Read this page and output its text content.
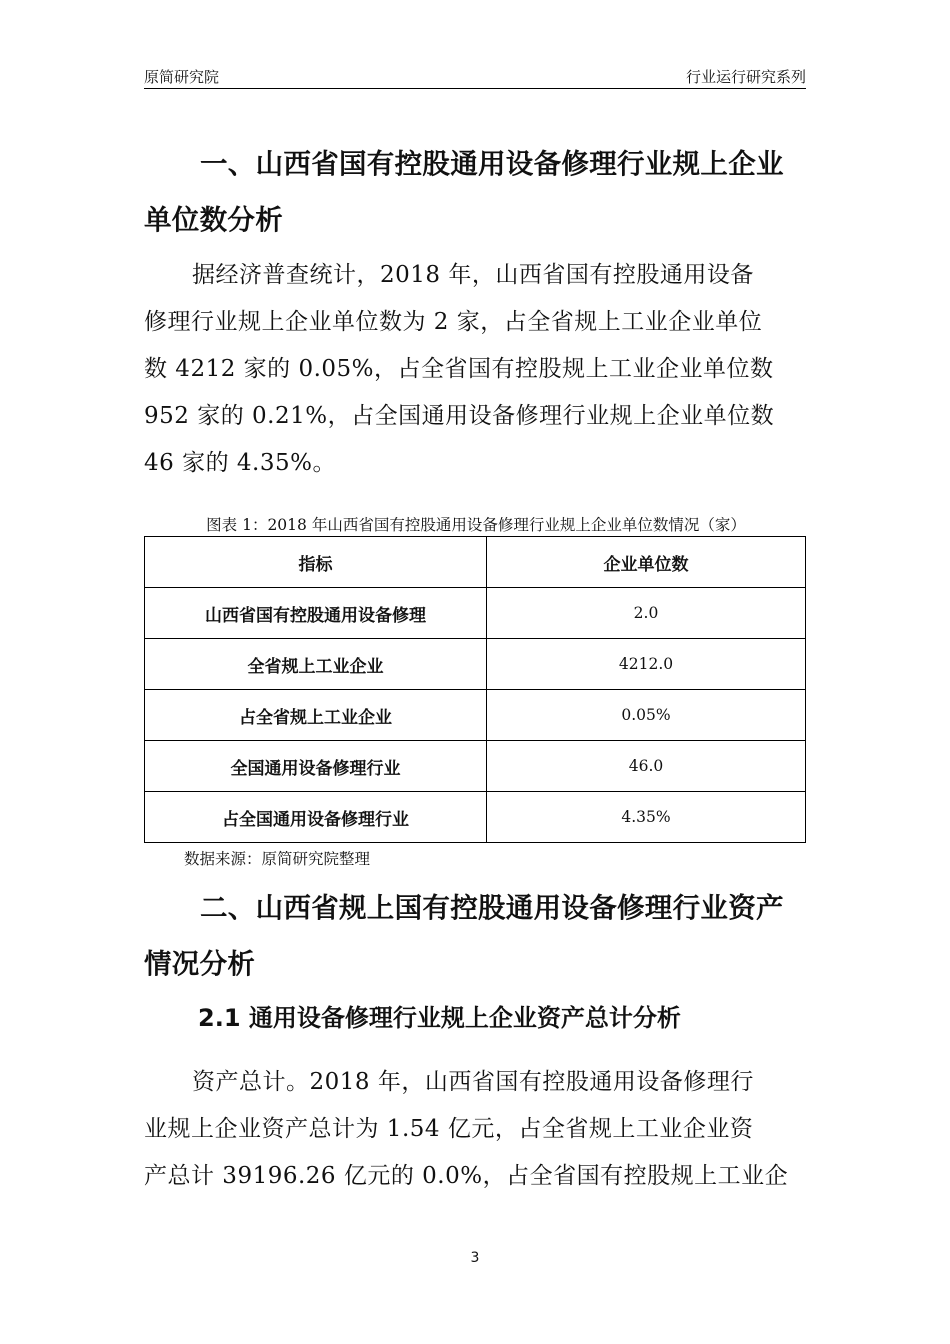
原简研究院	行业运行研究系列
一、山西省国有控股通用设备修理行业规上企业
单位数分析
据经济普查统计，2018 年，山西省国有控股通用设备
修理行业规上企业单位数为 2 家，占全省规上工业企业单位
数 4212 家的 0.05%，占全省国有控股规上工业企业单位数
952 家的 0.21%，占全国通用设备修理行业规上企业单位数
46 家的 4.35%。
图表 1：2018 年山西省国有控股通用设备修理行业规上企业单位数情况（家）
指标	企业单位数
山西省国有控股通用设备修理	2.0
全省规上工业企业	4212.0
占全省规上工业企业	0.05%
全国通用设备修理行业	46.0
占全国通用设备修理行业	4.35%
数据来源：原简研究院整理
二、山西省规上国有控股通用设备修理行业资产
情况分析
2.1 通用设备修理行业规上企业资产总计分析
资产总计。2018 年，山西省国有控股通用设备修理行
业规上企业资产总计为 1.54 亿元，占全省规上工业企业资
产总计 39196.26 亿元的 0.0%，占全省国有控股规上工业企
3
